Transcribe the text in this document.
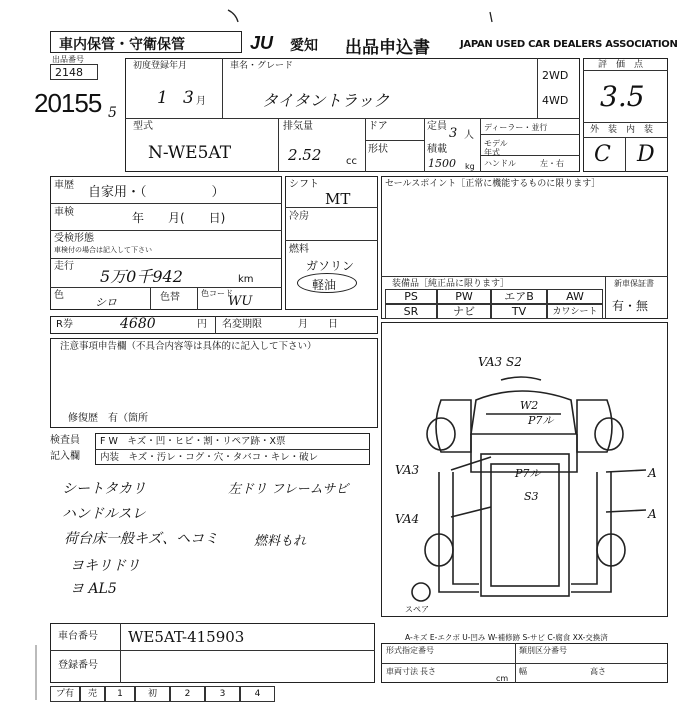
車内保管・守衛保管	JU 愛知 出品申込書	JAPAN USED CAR DEALERS ASSOCIATION
出品番号
2148
20155 5
初度登録年月
1	月
3
車名・グレード
タイタントラック
2WD
4WD
型式
N-WE5AT
排気量
2.52 cc
ドア
形状
定員 3 人
積載
1500 kg
ディーラー・並行
モデル年式
ハンドル	左・右
評　価　点
3.5
外　装　内　装
C D
車歴 自家用・（　　　　　）
車検	年　　月(　　日)
受検形態
車検付の場合は記入して下さい
走行
5万0千942	km
色
シロ	色替	色コード
WU
シフト
MT
冷房
燃料
ガソリン
軽油
セールスポイント［正常に機能するものに限ります］
装備品［純正品に限ります］	新車保証書
有・無
PS	PW	エアB	AW
SR	ナビ	TV	カワシート
R券	4680	円 名変期限	月　　日
注意事項申告欄（不具合内容等は具体的に記入して下さい）
修復歴　有（箇所
検査員
記入欄
F W　キズ・凹・ヒビ・割・リペア跡・X票
内装　キズ・汚レ・コグ・穴・タバコ・キレ・破レ
シートタカリ
ハンドルスレ
荷台床一般キズ、ヘコミ
左ドリ フレームサビ
燃料もれ
ヨキリドリ
ヨ AL5
VA3 S2
W2
P7ル
VA3
VA4
A
A
P7ル
S3
スペア
A-キズ E-エクボ U-凹み W-補修跡 S-サビ C-腐食 XX-交換済
車台番号 WE5AT-415903
登録番号
形式指定番号	類別区分番号
車両寸法 長さ	幅	高さ
cm
プ有	売	1	初	2	3	4
